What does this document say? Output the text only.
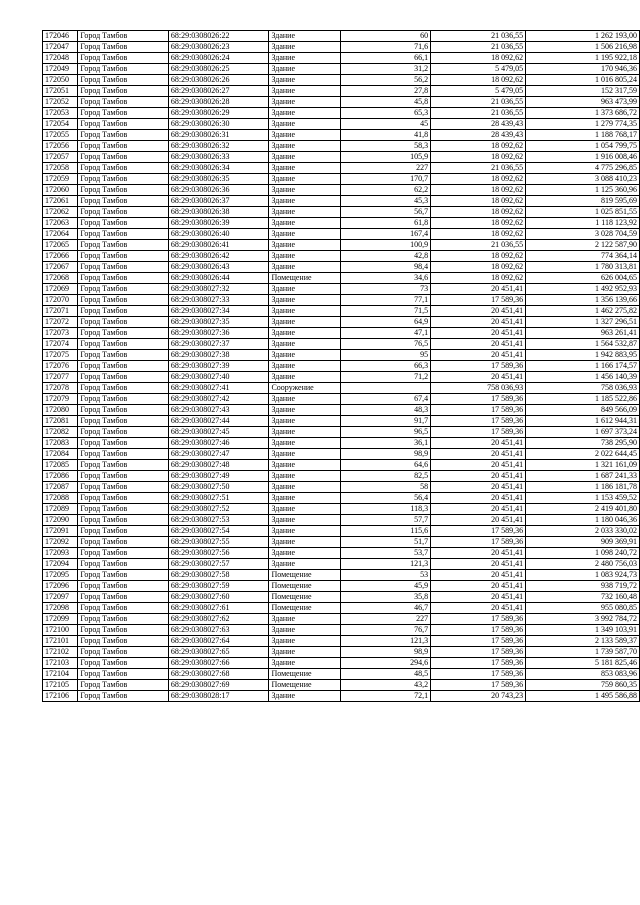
172046	Город Тамбов	68:29:0308026:22	Здание	60	21 036,55	1 262 193,00
172047	Город Тамбов	68:29:0308026:23	Здание	71,6	21 036,55	1 506 216,98
172048	Город Тамбов	68:29:0308026:24	Здание	66,1	18 092,62	1 195 922,18
172049	Город Тамбов	68:29:0308026:25	Здание	31,2	5 479,05	170 946,36
172050	Город Тамбов	68:29:0308026:26	Здание	56,2	18 092,62	1 016 805,24
172051	Город Тамбов	68:29:0308026:27	Здание	27,8	5 479,05	152 317,59
172052	Город Тамбов	68:29:0308026:28	Здание	45,8	21 036,55	963 473,99
172053	Город Тамбов	68:29:0308026:29	Здание	65,3	21 036,55	1 373 686,72
172054	Город Тамбов	68:29:0308026:30	Здание	45	28 439,43	1 279 774,35
172055	Город Тамбов	68:29:0308026:31	Здание	41,8	28 439,43	1 188 768,17
172056	Город Тамбов	68:29:0308026:32	Здание	58,3	18 092,62	1 054 799,75
172057	Город Тамбов	68:29:0308026:33	Здание	105,9	18 092,62	1 916 008,46
172058	Город Тамбов	68:29:0308026:34	Здание	227	21 036,55	4 775 296,85
172059	Город Тамбов	68:29:0308026:35	Здание	170,7	18 092,62	3 088 410,23
172060	Город Тамбов	68:29:0308026:36	Здание	62,2	18 092,62	1 125 360,96
172061	Город Тамбов	68:29:0308026:37	Здание	45,3	18 092,62	819 595,69
172062	Город Тамбов	68:29:0308026:38	Здание	56,7	18 092,62	1 025 851,55
172063	Город Тамбов	68:29:0308026:39	Здание	61,8	18 092,62	1 118 123,92
172064	Город Тамбов	68:29:0308026:40	Здание	167,4	18 092,62	3 028 704,59
172065	Город Тамбов	68:29:0308026:41	Здание	100,9	21 036,55	2 122 587,90
172066	Город Тамбов	68:29:0308026:42	Здание	42,8	18 092,62	774 364,14
172067	Город Тамбов	68:29:0308026:43	Здание	98,4	18 092,62	1 780 313,81
172068	Город Тамбов	68:29:0308026:44	Помещение	34,6	18 092,62	626 004,65
172069	Город Тамбов	68:29:0308027:32	Здание	73	20 451,41	1 492 952,93
172070	Город Тамбов	68:29:0308027:33	Здание	77,1	17 589,36	1 356 139,66
172071	Город Тамбов	68:29:0308027:34	Здание	71,5	20 451,41	1 462 275,82
172072	Город Тамбов	68:29:0308027:35	Здание	64,9	20 451,41	1 327 296,51
172073	Город Тамбов	68:29:0308027:36	Здание	47,1	20 451,41	963 261,41
172074	Город Тамбов	68:29:0308027:37	Здание	76,5	20 451,41	1 564 532,87
172075	Город Тамбов	68:29:0308027:38	Здание	95	20 451,41	1 942 883,95
172076	Город Тамбов	68:29:0308027:39	Здание	66,3	17 589,36	1 166 174,57
172077	Город Тамбов	68:29:0308027:40	Здание	71,2	20 451,41	1 456 140,39
172078	Город Тамбов	68:29:0308027:41	Сооружение		758 036,93	758 036,93
172079	Город Тамбов	68:29:0308027:42	Здание	67,4	17 589,36	1 185 522,86
172080	Город Тамбов	68:29:0308027:43	Здание	48,3	17 589,36	849 566,09
172081	Город Тамбов	68:29:0308027:44	Здание	91,7	17 589,36	1 612 944,31
172082	Город Тамбов	68:29:0308027:45	Здание	96,5	17 589,36	1 697 373,24
172083	Город Тамбов	68:29:0308027:46	Здание	36,1	20 451,41	738 295,90
172084	Город Тамбов	68:29:0308027:47	Здание	98,9	20 451,41	2 022 644,45
172085	Город Тамбов	68:29:0308027:48	Здание	64,6	20 451,41	1 321 161,09
172086	Город Тамбов	68:29:0308027:49	Здание	82,5	20 451,41	1 687 241,33
172087	Город Тамбов	68:29:0308027:50	Здание	58	20 451,41	1 186 181,78
172088	Город Тамбов	68:29:0308027:51	Здание	56,4	20 451,41	1 153 459,52
172089	Город Тамбов	68:29:0308027:52	Здание	118,3	20 451,41	2 419 401,80
172090	Город Тамбов	68:29:0308027:53	Здание	57,7	20 451,41	1 180 046,36
172091	Город Тамбов	68:29:0308027:54	Здание	115,6	17 589,36	2 033 330,02
172092	Город Тамбов	68:29:0308027:55	Здание	51,7	17 589,36	909 369,91
172093	Город Тамбов	68:29:0308027:56	Здание	53,7	20 451,41	1 098 240,72
172094	Город Тамбов	68:29:0308027:57	Здание	121,3	20 451,41	2 480 756,03
172095	Город Тамбов	68:29:0308027:58	Помещение	53	20 451,41	1 083 924,73
172096	Город Тамбов	68:29:0308027:59	Помещение	45,9	20 451,41	938 719,72
172097	Город Тамбов	68:29:0308027:60	Помещение	35,8	20 451,41	732 160,48
172098	Город Тамбов	68:29:0308027:61	Помещение	46,7	20 451,41	955 080,85
172099	Город Тамбов	68:29:0308027:62	Здание	227	17 589,36	3 992 784,72
172100	Город Тамбов	68:29:0308027:63	Здание	76,7	17 589,36	1 349 103,91
172101	Город Тамбов	68:29:0308027:64	Здание	121,3	17 589,36	2 133 589,37
172102	Город Тамбов	68:29:0308027:65	Здание	98,9	17 589,36	1 739 587,70
172103	Город Тамбов	68:29:0308027:66	Здание	294,6	17 589,36	5 181 825,46
172104	Город Тамбов	68:29:0308027:68	Помещение	48,5	17 589,36	853 083,96
172105	Город Тамбов	68:29:0308027:69	Помещение	43,2	17 589,36	759 860,35
172106	Город Тамбов	68:29:0308028:17	Здание	72,1	20 743,23	1 495 586,88
